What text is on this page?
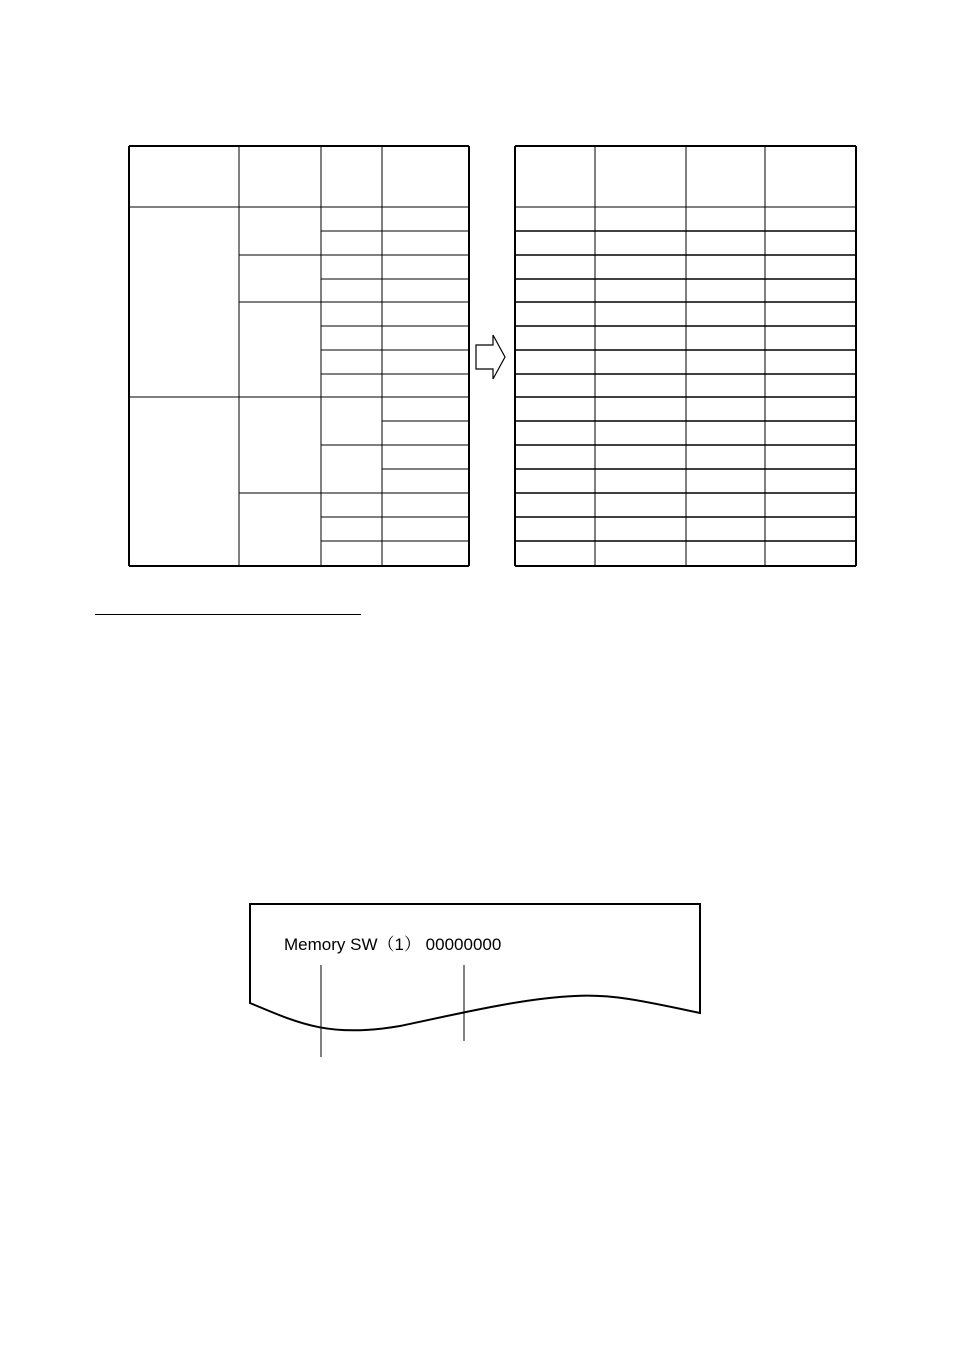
Memory SW（1） 00000000
